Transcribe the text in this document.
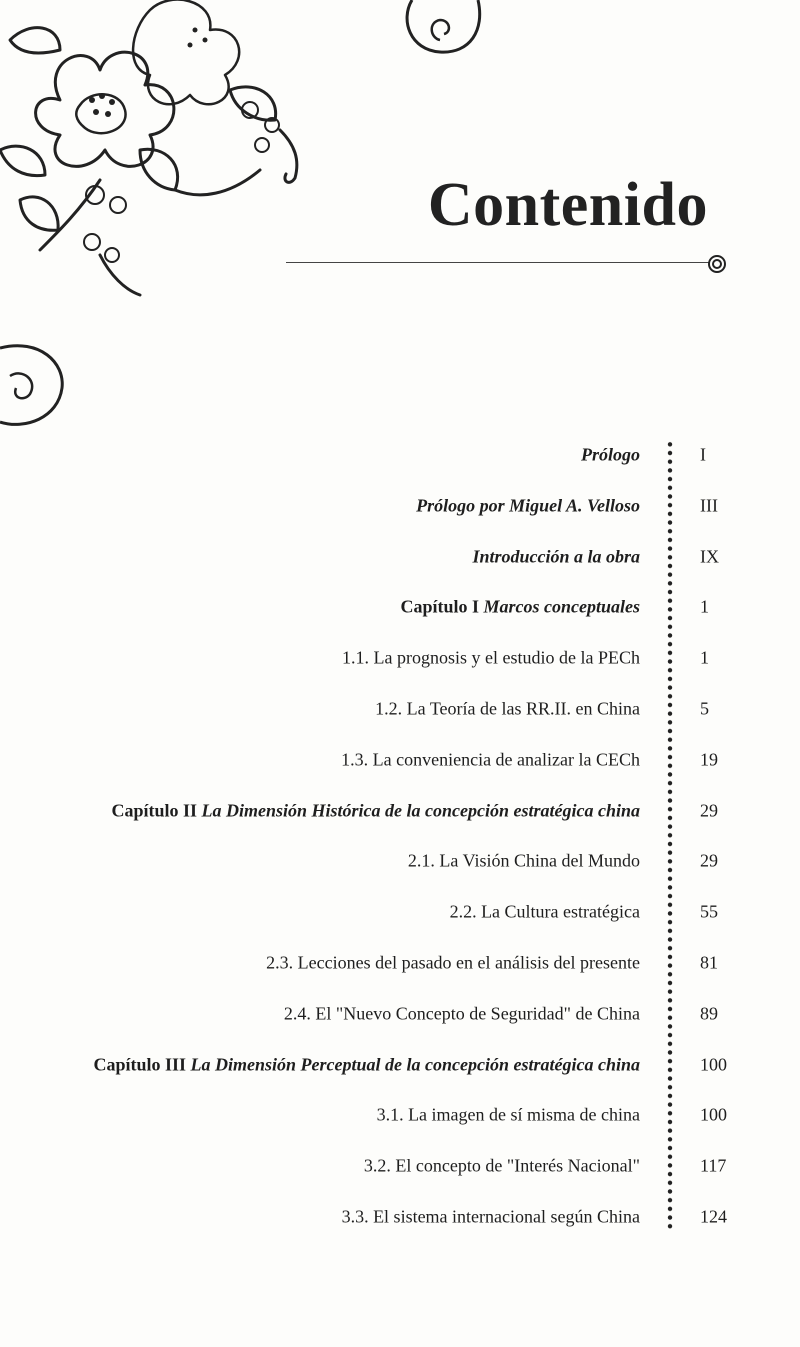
Contenido
Prólogo	I
Prólogo por Miguel A. Velloso	III
Introducción a la obra	IX
Capítulo I Marcos conceptuales	1
1.1. La prognosis y el estudio de la PECh	1
1.2. La Teoría de las RR.II. en China	5
1.3. La conveniencia de analizar la CECh	19
Capítulo II La Dimensión Histórica de la concepción estratégica china	29
2.1. La Visión China del Mundo	29
2.2. La Cultura estratégica	55
2.3. Lecciones del pasado en el análisis del presente	81
2.4. El "Nuevo Concepto de Seguridad" de China	89
Capítulo III La Dimensión Perceptual de la concepción estratégica china	100
3.1. La imagen de sí misma de china	100
3.2. El concepto de "Interés Nacional"	117
3.3. El sistema internacional según China	124
